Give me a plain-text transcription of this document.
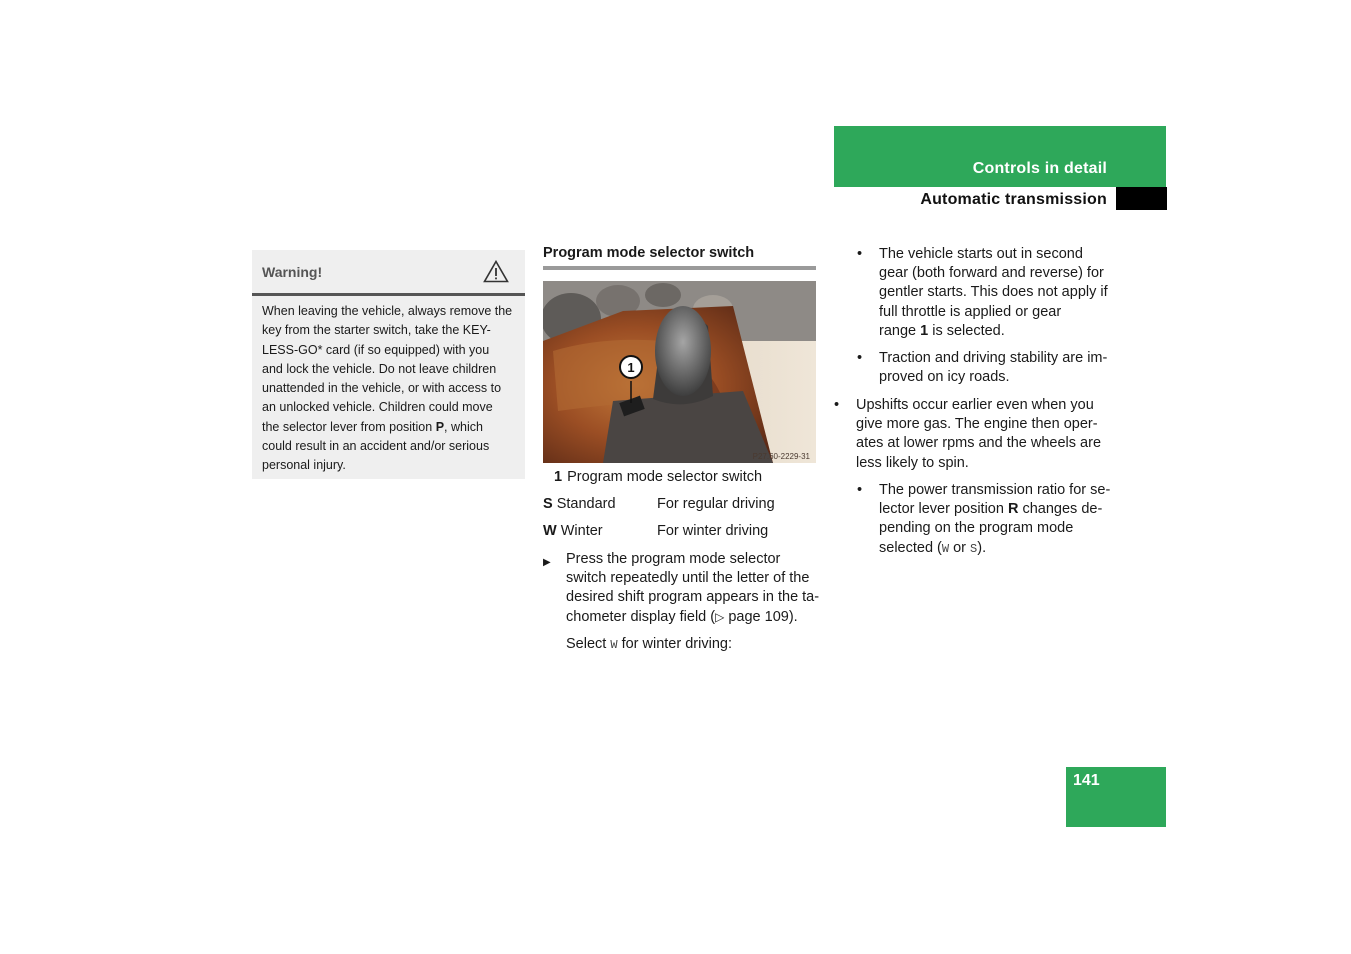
Controls in detail
Automatic transmission
Warning!
When leaving the vehicle, always remove the
key from the starter switch, take the KEY-
LESS-GO* card (if so equipped) with you
and lock the vehicle. Do not leave children
unattended in the vehicle, or with access to
an unlocked vehicle. Children could move
the selector lever from position P, which
could result in an accident and/or serious
personal injury.
Program mode selector switch
1
P27.60-2229-31
1 Program mode selector switch
S Standard	For regular driving
W Winter	For winter driving
▶ Press the program mode selector
switch repeatedly until the letter of the
desired shift program appears in the ta-
chometer display field (▷ page 109).
Select W for winter driving:
• The vehicle starts out in second
gear (both forward and reverse) for
gentler starts. This does not apply if
full throttle is applied or gear
range 1 is selected.
• Traction and driving stability are im-
proved on icy roads.
• Upshifts occur earlier even when you
give more gas. The engine then oper-
ates at lower rpms and the wheels are
less likely to spin.
• The power transmission ratio for se-
lector lever position R changes de-
pending on the program mode
selected (W or S).
141
